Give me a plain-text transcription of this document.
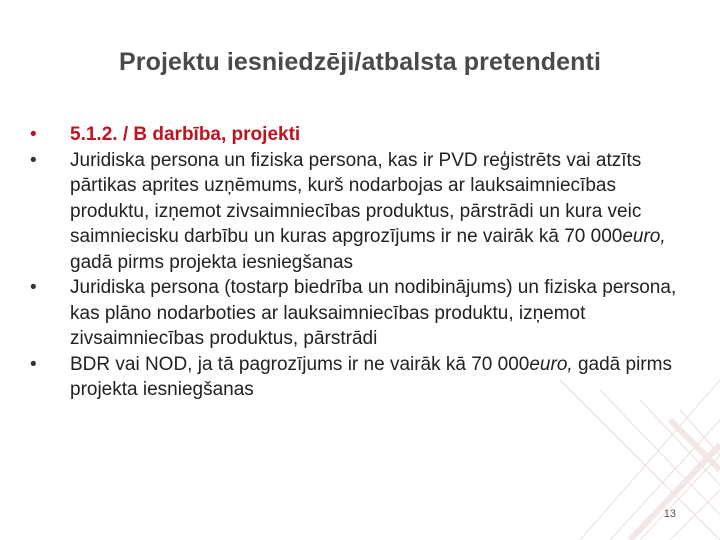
Projektu iesniedzēji/atbalsta pretendenti
• 5.1.2. / B darbība, projekti
• Juridiska persona un fiziska persona, kas ir PVD reģistrēts vai atzīts pārtikas aprites uzņēmums, kurš nodarbojas ar lauksaimniecības produktu, izņemot zivsaimniecības produktus, pārstrādi un kura veic saimniecisku darbību un kuras apgrozījums ir ne vairāk kā 70 000euro, gadā pirms projekta iesniegšanas
• Juridiska persona (tostarp biedrība un nodibinājums) un fiziska persona, kas plāno nodarboties ar lauksaimniecības produktu, izņemot zivsaimniecības produktus, pārstrādi
• BDR vai NOD, ja tā pagrozījums ir ne vairāk kā 70 000euro, gadā pirms projekta iesniegšanas
13
